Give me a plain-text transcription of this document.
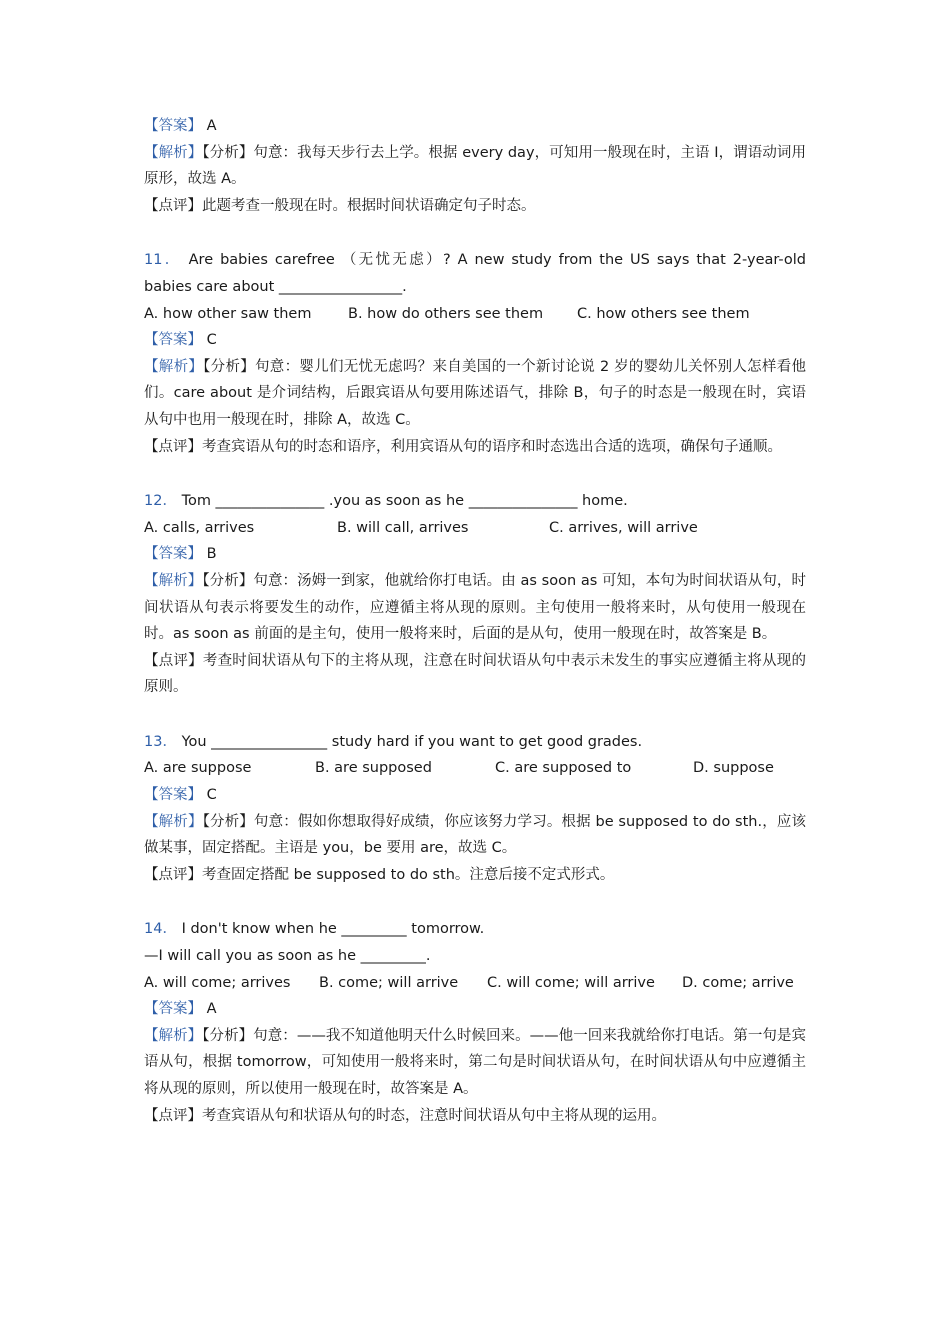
【答案】 A
【解析】【分析】句意：我每天步行去上学。根据 every day，可知用一般现在时，主语 I，谓语动词用原形，故选 A。
【点评】此题考查一般现在时。根据时间状语确定句子时态。
11． Are babies carefree （无忧无虑）? A new study from the US says that 2-year-old babies care about _________________.
A. how other saw them	B. how do others see them	C. how others see them
【答案】 C
【解析】【分析】句意：婴儿们无忧无虑吗？来自美国的一个新讨论说 2 岁的婴幼儿关怀别人怎样看他们。care about 是介词结构，后跟宾语从句要用陈述语气，排除 B，句子的时态是一般现在时，宾语从句中也用一般现在时，排除 A，故选 C。
【点评】考查宾语从句的时态和语序，利用宾语从句的语序和时态选出合适的选项，确保句子通顺。
12． Tom _______________ .you as soon as he _______________ home.
A. calls, arrives	B. will call, arrives	C. arrives, will arrive
【答案】 B
【解析】【分析】句意：汤姆一到家，他就给你打电话。由 as soon as 可知，本句为时间状语从句，时间状语从句表示将要发生的动作，应遵循主将从现的原则。主句使用一般将来时，从句使用一般现在时。as soon as 前面的是主句，使用一般将来时，后面的是从句，使用一般现在时，故答案是 B。
【点评】考查时间状语从句下的主将从现，注意在时间状语从句中表示未发生的事实应遵循主将从现的原则。
13． You ________________ study hard if you want to get good grades.
A. are suppose	B. are supposed	C. are supposed to	D. suppose
【答案】 C
【解析】【分析】句意：假如你想取得好成绩，你应该努力学习。根据 be supposed to do sth.，应该做某事，固定搭配。主语是 you，be 要用 are，故选 C。
【点评】考查固定搭配 be supposed to do sth。注意后接不定式形式。
14． I don't know when he _________ tomorrow.
—I will call you as soon as he _________.
A. will come; arrives	B. come; will arrive	C. will come; will arrive	D. come; arrive
【答案】 A
【解析】【分析】句意：——我不知道他明天什么时候回来。——他一回来我就给你打电话。第一句是宾语从句，根据 tomorrow，可知使用一般将来时，第二句是时间状语从句，在时间状语从句中应遵循主将从现的原则，所以使用一般现在时，故答案是 A。
【点评】考查宾语从句和状语从句的时态，注意时间状语从句中主将从现的运用。
